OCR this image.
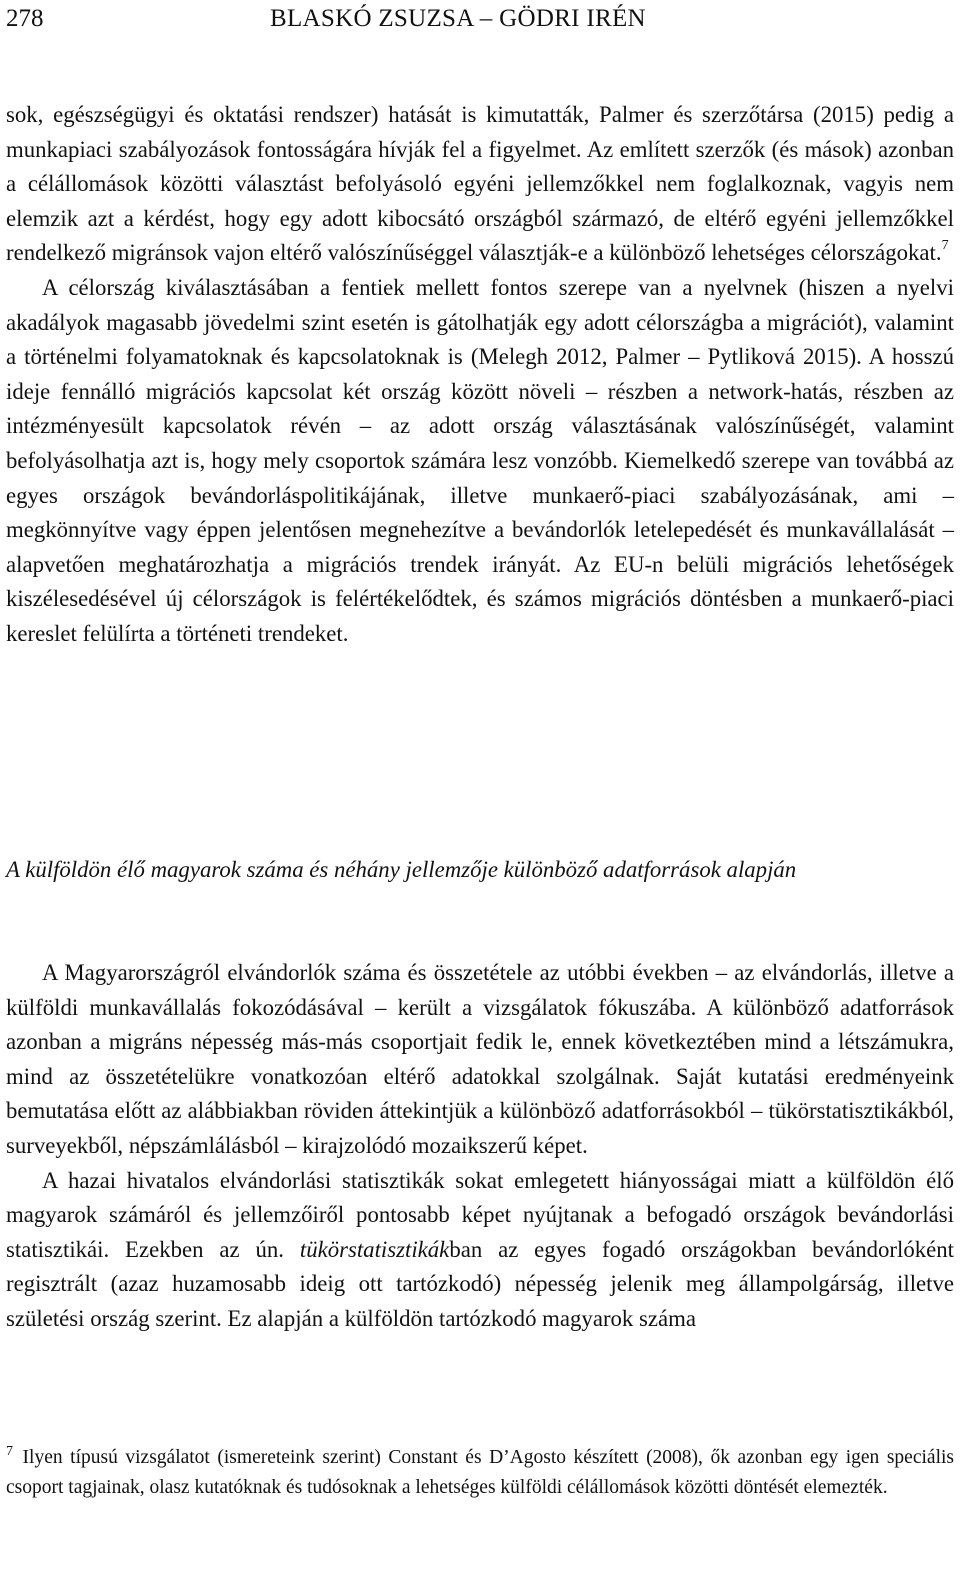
278	BLASKÓ ZSUZSA – GÖDRI IRÉN

sok, egészségügyi és oktatási rendszer) hatását is kimutatták, Palmer és szerzőtársa (2015) pedig a munkapiaci szabályozások fontosságára hívják fel a figyelmet. Az említett szerzők (és mások) azonban a célállomások közötti választást befolyásoló egyéni jellemzőkkel nem foglalkoznak, vagyis nem elemzik azt a kérdést, hogy egy adott kibocsátó országból származó, de eltérő egyéni jellemzőkkel rendelkező migránsok vajon eltérő valószínűséggel választják-e a különböző lehetséges célországokat.$^7$

A célország kiválasztásában a fentiek mellett fontos szerepe van a nyelvnek (hiszen a nyelvi akadályok magasabb jövedelmi szint esetén is gátolhatják egy adott célországba a migrációt), valamint a történelmi folyamatoknak és kapcsolatoknak is (Melegh 2012, Palmer – Pytliková 2015). A hosszú ideje fennálló migrációs kapcsolat két ország között növeli – részben a network-hatás, részben az intézményesült kapcsolatok révén – az adott ország választásának valószínűségét, valamint befolyásolhatja azt is, hogy mely csoportok számára lesz vonzóbb. Kiemelkedő szerepe van továbbá az egyes országok bevándorláspolitikájának, illetve munkaerő-piaci szabályozásának, ami – megkönnyítve vagy éppen jelentősen megnehezítve a bevándorlók letelepedését és munkavállalását – alapvetően meghatározhatja a migrációs trendek irányát. Az EU-n belüli migrációs lehetőségek kiszélesedésével új célországok is felértékelődtek, és számos migrációs döntésben a munkaerő-piaci kereslet felülírta a történeti trendeket.

A külföldön élő magyarok száma és néhány jellemzője különböző adatforrások alapján

A Magyarországról elvándorlók száma és összetétele az utóbbi években – az elvándorlás, illetve a külföldi munkavállalás fokozódásával – került a vizsgálatok fókuszába. A különböző adatforrások azonban a migráns népesség más-más csoportjait fedik le, ennek következtében mind a létszámukra, mind az összetételükre vonatkozóan eltérő adatokkal szolgálnak. Saját kutatási eredményeink bemutatása előtt az alábbiakban röviden áttekintjük a különböző adatforrásokból – tükörstatisztikákból, surveyekből, népszámlálásból – kirajzolódó mozaikszerű képet.

A hazai hivatalos elvándorlási statisztikák sokat emlegetett hiányosságai miatt a külföldön élő magyarok számáról és jellemzőiről pontosabb képet nyújtanak a befogadó országok bevándorlási statisztikái. Ezekben az ún. tükörstatisztikákban az egyes fogadó országokban bevándorlóként regisztrált (azaz huzamosabb ideig ott tartózkodó) népesség jelenik meg állampolgárság, illetve születési ország szerint. Ez alapján a külföldön tartózkodó magyarok száma

$^7$ Ilyen típusú vizsgálatot (ismereteink szerint) Constant és D’Agosto készített (2008), ők azonban egy igen speciális csoport tagjainak, olasz kutatóknak és tudósoknak a lehetséges külföldi célállomások közötti döntését elemezték.
